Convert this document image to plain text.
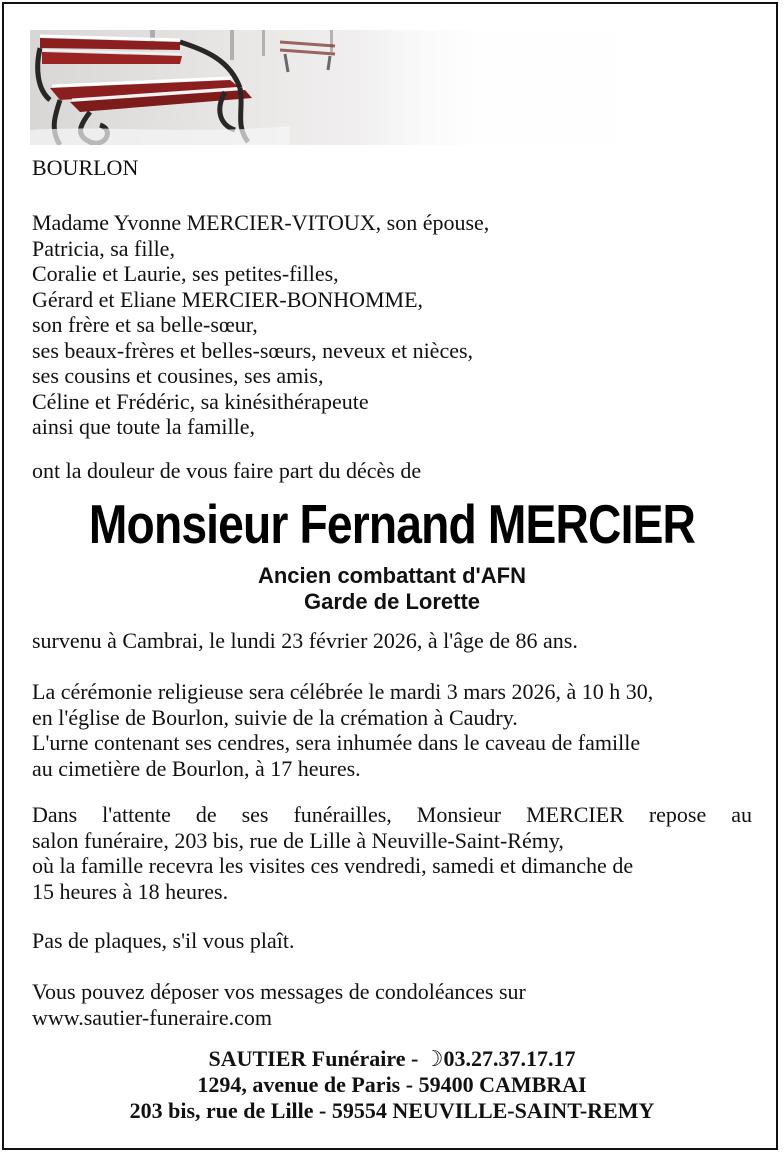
BOURLON
Madame Yvonne MERCIER-VITOUX, son épouse,
Patricia, sa fille,
Coralie et Laurie, ses petites-filles,
Gérard et Eliane MERCIER-BONHOMME,
son frère et sa belle-sœur,
ses beaux-frères et belles-sœurs, neveux et nièces,
ses cousins et cousines, ses amis,
Céline et Frédéric, sa kinésithérapeute
ainsi que toute la famille,
ont la douleur de vous faire part du décès de
Monsieur Fernand MERCIER
Ancien combattant d'AFN
Garde de Lorette
survenu à Cambrai, le lundi 23 février 2026, à l'âge de 86 ans.
La cérémonie religieuse sera célébrée le mardi 3 mars 2026, à 10 h 30,
en l'église de Bourlon, suivie de la crémation à Caudry.
L'urne contenant ses cendres, sera inhumée dans le caveau de famille
au cimetière de Bourlon, à 17 heures.
Dans l'attente de ses funérailles, Monsieur MERCIER repose au
salon funéraire, 203 bis, rue de Lille à Neuville-Saint-Rémy,
où la famille recevra les visites ces vendredi, samedi et dimanche de
15 heures à 18 heures.
Pas de plaques, s'il vous plaît.
Vous pouvez déposer vos messages de condoléances sur
www.sautier-funeraire.com
SAUTIER Funéraire - ☽03.27.37.17.17
1294, avenue de Paris - 59400 CAMBRAI
203 bis, rue de Lille - 59554 NEUVILLE-SAINT-REMY
